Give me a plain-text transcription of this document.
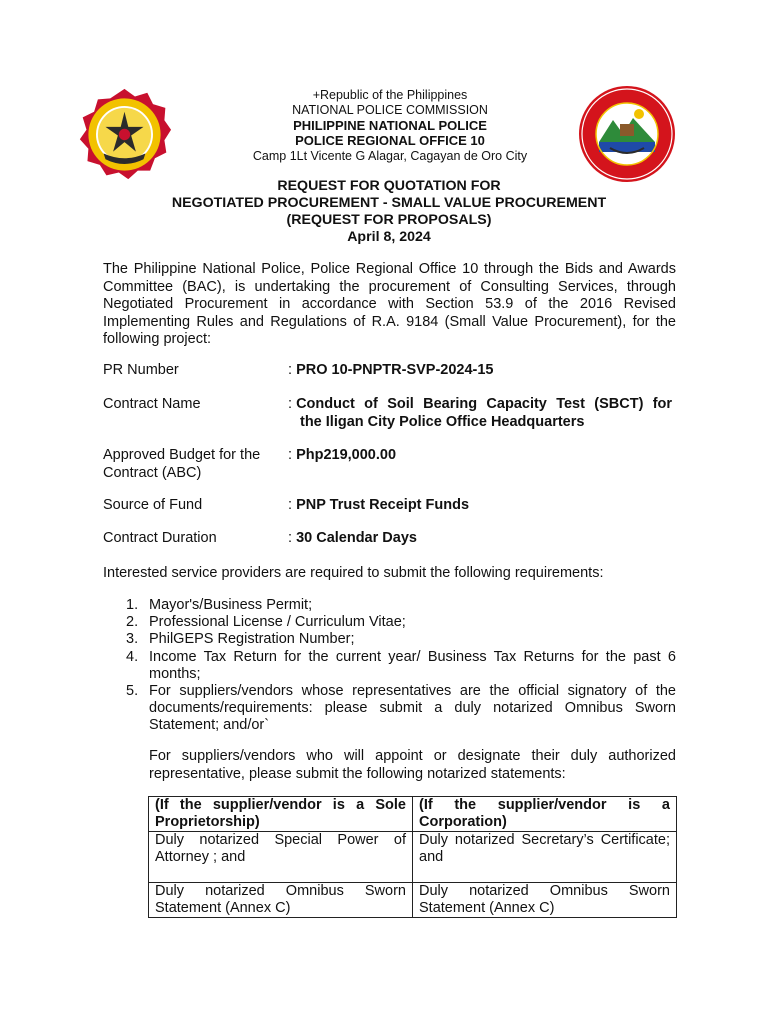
+Republic of the Philippines
NATIONAL POLICE COMMISSION
PHILIPPINE NATIONAL POLICE
POLICE REGIONAL OFFICE 10
Camp 1Lt Vicente G Alagar, Cagayan de Oro City
REQUEST FOR QUOTATION FOR
NEGOTIATED PROCUREMENT - SMALL VALUE PROCUREMENT
(REQUEST FOR PROPOSALS)
April 8, 2024
The Philippine National Police, Police Regional Office 10 through the Bids and Awards Committee (BAC), is undertaking the procurement of Consulting Services, through Negotiated Procurement in accordance with Section 53.9 of the 2016 Revised Implementing Rules and Regulations of R.A. 9184 (Small Value Procurement), for the following project:
PR Number	: PRO 10-PNPTR-SVP-2024-15
Contract Name	: Conduct of Soil Bearing Capacity Test (SBCT) for
the Iligan City Police Office Headquarters
Approved Budget for the
Contract (ABC)
: Php219,000.00
Source of Fund	: PNP Trust Receipt Funds
Contract Duration	: 30 Calendar Days
Interested service providers are required to submit the following requirements:
1. Mayor's/Business Permit;
2. Professional License / Curriculum Vitae;
3. PhilGEPS Registration Number;
4. Income Tax Return for the current year/ Business Tax Returns for the past 6 months;
5. For suppliers/vendors whose representatives are the official signatory of the documents/requirements: please submit a duly notarized Omnibus Sworn Statement; and/or`
For suppliers/vendors who will appoint or designate their duly authorized representative, please submit the following notarized statements:
(If the supplier/vendor is a Sole Proprietorship)	(If the supplier/vendor is a Corporation)
Duly notarized Special Power of Attorney ; and	Duly notarized Secretary’s Certificate; and
Duly notarized Omnibus Sworn Statement (Annex C)	Duly notarized Omnibus Sworn Statement (Annex C)
